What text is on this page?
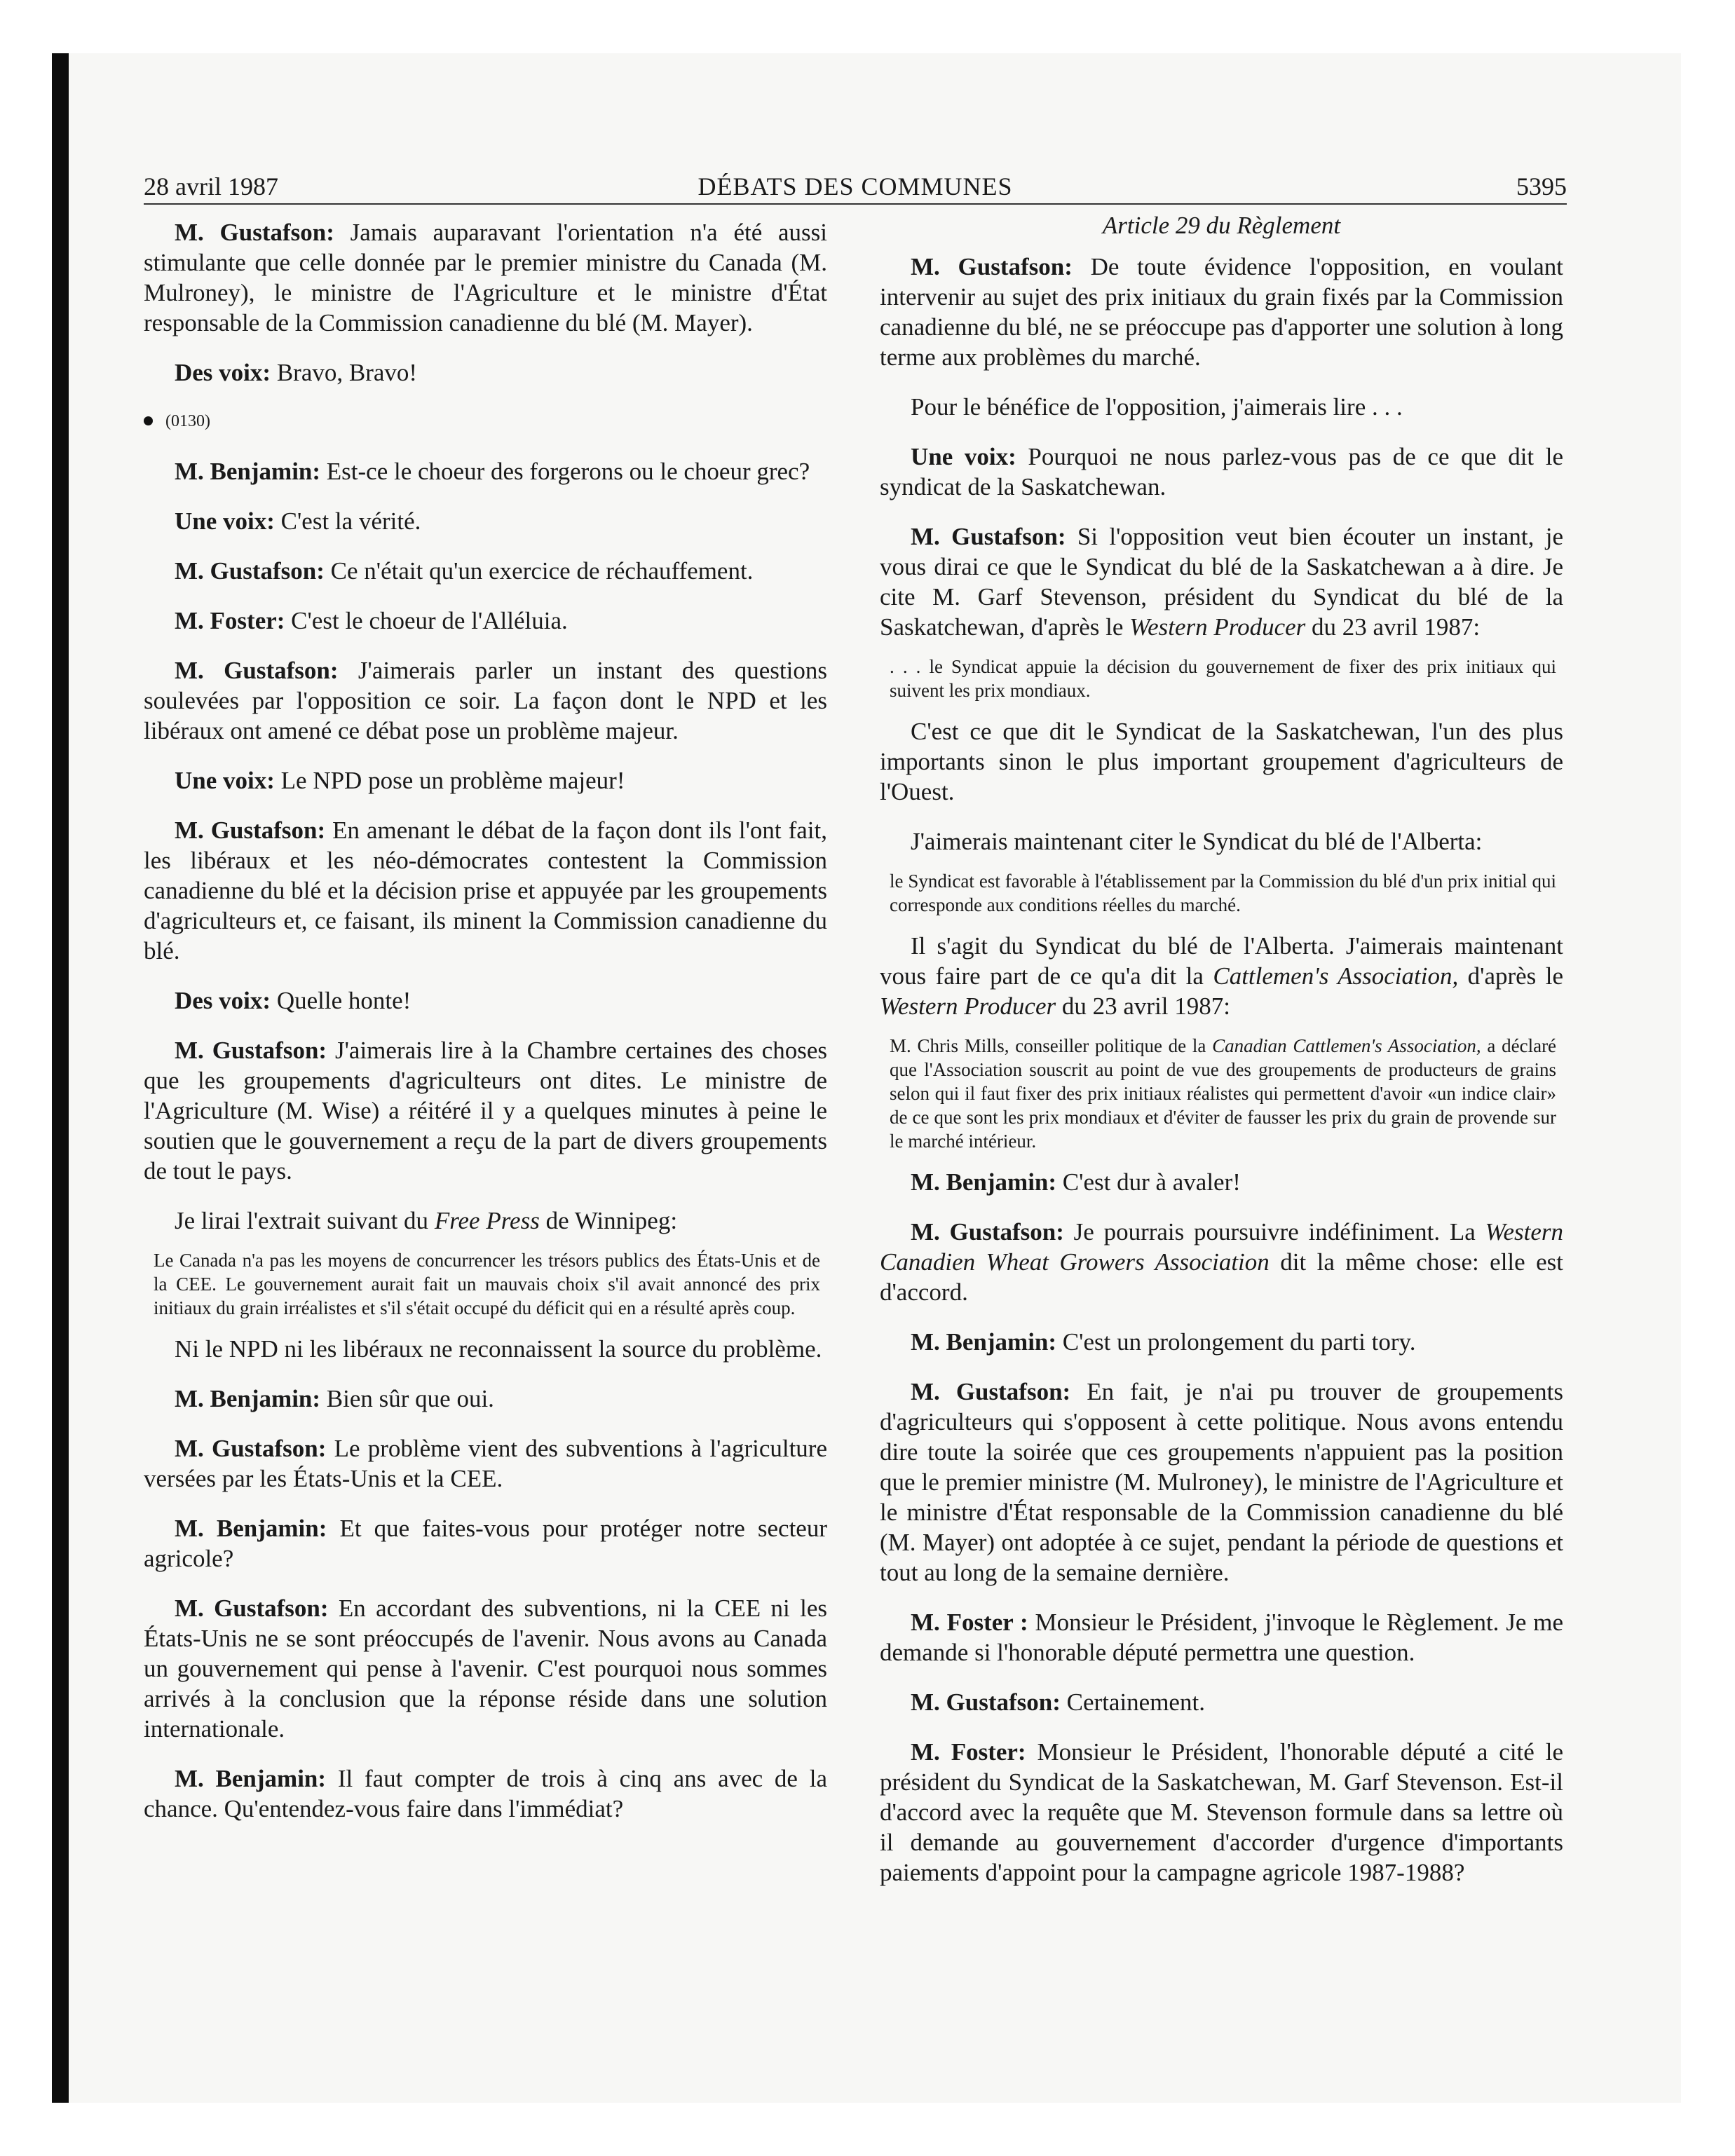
28 avril 1987	DÉBATS DES COMMUNES	5395

M. Gustafson: Jamais auparavant l'orientation n'a été aussi stimulante que celle donnée par le premier ministre du Canada (M. Mulroney), le ministre de l'Agriculture et le ministre d'État responsable de la Commission canadienne du blé (M. Mayer).

Des voix: Bravo, Bravo!

(0130)

M. Benjamin: Est-ce le choeur des forgerons ou le choeur grec?

Une voix: C'est la vérité.

M. Gustafson: Ce n'était qu'un exercice de réchauffement.

M. Foster: C'est le choeur de l'Alléluia.

M. Gustafson: J'aimerais parler un instant des questions soulevées par l'opposition ce soir. La façon dont le NPD et les libéraux ont amené ce débat pose un problème majeur.

Une voix: Le NPD pose un problème majeur!

M. Gustafson: En amenant le débat de la façon dont ils l'ont fait, les libéraux et les néo-démocrates contestent la Commission canadienne du blé et la décision prise et appuyée par les groupements d'agriculteurs et, ce faisant, ils minent la Commission canadienne du blé.

Des voix: Quelle honte!

M. Gustafson: J'aimerais lire à la Chambre certaines des choses que les groupements d'agriculteurs ont dites. Le ministre de l'Agriculture (M. Wise) a réitéré il y a quelques minutes à peine le soutien que le gouvernement a reçu de la part de divers groupements de tout le pays.

Je lirai l'extrait suivant du Free Press de Winnipeg:

Le Canada n'a pas les moyens de concurrencer les trésors publics des États-Unis et de la CEE. Le gouvernement aurait fait un mauvais choix s'il avait annoncé des prix initiaux du grain irréalistes et s'il s'était occupé du déficit qui en a résulté après coup.

Ni le NPD ni les libéraux ne reconnaissent la source du problème.

M. Benjamin: Bien sûr que oui.

M. Gustafson: Le problème vient des subventions à l'agriculture versées par les États-Unis et la CEE.

M. Benjamin: Et que faites-vous pour protéger notre secteur agricole?

M. Gustafson: En accordant des subventions, ni la CEE ni les États-Unis ne se sont préoccupés de l'avenir. Nous avons au Canada un gouvernement qui pense à l'avenir. C'est pourquoi nous sommes arrivés à la conclusion que la réponse réside dans une solution internationale.

M. Benjamin: Il faut compter de trois à cinq ans avec de la chance. Qu'entendez-vous faire dans l'immédiat?

Article 29 du Règlement

M. Gustafson: De toute évidence l'opposition, en voulant intervenir au sujet des prix initiaux du grain fixés par la Commission canadienne du blé, ne se préoccupe pas d'apporter une solution à long terme aux problèmes du marché.

Pour le bénéfice de l'opposition, j'aimerais lire . . .

Une voix: Pourquoi ne nous parlez-vous pas de ce que dit le syndicat de la Saskatchewan.

M. Gustafson: Si l'opposition veut bien écouter un instant, je vous dirai ce que le Syndicat du blé de la Saskatchewan a à dire. Je cite M. Garf Stevenson, président du Syndicat du blé de la Saskatchewan, d'après le Western Producer du 23 avril 1987:

. . . le Syndicat appuie la décision du gouvernement de fixer des prix initiaux qui suivent les prix mondiaux.

C'est ce que dit le Syndicat de la Saskatchewan, l'un des plus importants sinon le plus important groupement d'agriculteurs de l'Ouest.

J'aimerais maintenant citer le Syndicat du blé de l'Alberta:

le Syndicat est favorable à l'établissement par la Commission du blé d'un prix initial qui corresponde aux conditions réelles du marché.

Il s'agit du Syndicat du blé de l'Alberta. J'aimerais maintenant vous faire part de ce qu'a dit la Cattlemen's Association, d'après le Western Producer du 23 avril 1987:

M. Chris Mills, conseiller politique de la Canadian Cattlemen's Association, a déclaré que l'Association souscrit au point de vue des groupements de producteurs de grains selon qui il faut fixer des prix initiaux réalistes qui permettent d'avoir «un indice clair» de ce que sont les prix mondiaux et d'éviter de fausser les prix du grain de provende sur le marché intérieur.

M. Benjamin: C'est dur à avaler!

M. Gustafson: Je pourrais poursuivre indéfiniment. La Western Canadien Wheat Growers Association dit la même chose: elle est d'accord.

M. Benjamin: C'est un prolongement du parti tory.

M. Gustafson: En fait, je n'ai pu trouver de groupements d'agriculteurs qui s'opposent à cette politique. Nous avons entendu dire toute la soirée que ces groupements n'appuient pas la position que le premier ministre (M. Mulroney), le ministre de l'Agriculture et le ministre d'État responsable de la Commission canadienne du blé (M. Mayer) ont adoptée à ce sujet, pendant la période de questions et tout au long de la semaine dernière.

M. Foster : Monsieur le Président, j'invoque le Règlement. Je me demande si l'honorable député permettra une question.

M. Gustafson: Certainement.

M. Foster: Monsieur le Président, l'honorable député a cité le président du Syndicat de la Saskatchewan, M. Garf Stevenson. Est-il d'accord avec la requête que M. Stevenson formule dans sa lettre où il demande au gouvernement d'accorder d'urgence d'importants paiements d'appoint pour la campagne agricole 1987-1988?
